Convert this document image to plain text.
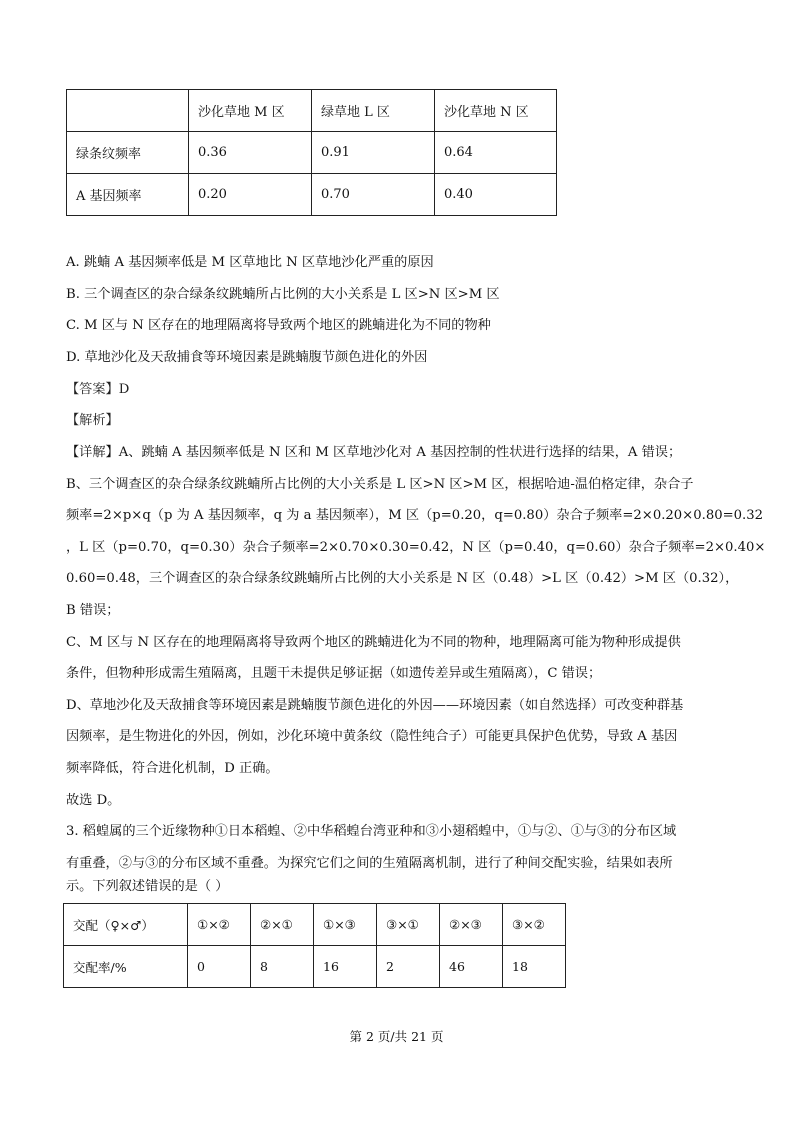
	沙化草地 M 区	绿草地 L 区	沙化草地 N 区
绿条纹频率	0.36	0.91	0.64
A 基因频率	0.20	0.70	0.40
A. 跳蝻 A 基因频率低是 M 区草地比 N 区草地沙化严重的原因
B. 三个调查区的杂合绿条纹跳蝻所占比例的大小关系是 L 区>N 区>M 区
C. M 区与 N 区存在的地理隔离将导致两个地区的跳蝻进化为不同的物种
D. 草地沙化及天敌捕食等环境因素是跳蝻腹节颜色进化的外因
【答案】D
【解析】
【详解】A、跳蝻 A 基因频率低是 N 区和 M 区草地沙化对 A 基因控制的性状进行选择的结果，A 错误；
B、三个调查区的杂合绿条纹跳蝻所占比例的大小关系是 L 区>N 区>M 区，根据哈迪-温伯格定律，杂合子
频率=2×p×q（p 为 A 基因频率，q 为 a 基因频率），M 区（p=0.20，q=0.80）杂合子频率=2×0.20×0.80=0.32
，L 区（p=0.70，q=0.30）杂合子频率=2×0.70×0.30=0.42，N 区（p=0.40，q=0.60）杂合子频率=2×0.40×
0.60=0.48，三个调查区的杂合绿条纹跳蝻所占比例的大小关系是 N 区（0.48）>L 区（0.42）>M 区（0.32），
B 错误；
C、M 区与 N 区存在的地理隔离将导致两个地区的跳蝻进化为不同的物种，地理隔离可能为物种形成提供
条件，但物种形成需生殖隔离，且题干未提供足够证据（如遗传差异或生殖隔离），C 错误；
D、草地沙化及天敌捕食等环境因素是跳蝻腹节颜色进化的外因——环境因素（如自然选择）可改变种群基
因频率，是生物进化的外因，例如，沙化环境中黄条纹（隐性纯合子）可能更具保护色优势，导致 A 基因
频率降低，符合进化机制，D 正确。
故选 D。
3. 稻蝗属的三个近缘物种①日本稻蝗、②中华稻蝗台湾亚种和③小翅稻蝗中，①与②、①与③的分布区域
有重叠，②与③的分布区域不重叠。为探究它们之间的生殖隔离机制，进行了种间交配实验，结果如表所
示。下列叙述错误的是（ ）
交配（♀×♂）	①×②	②×①	①×③	③×①	②×③	③×②
交配率/%	0	8	16	2	46	18
第 2 页/共 21 页
